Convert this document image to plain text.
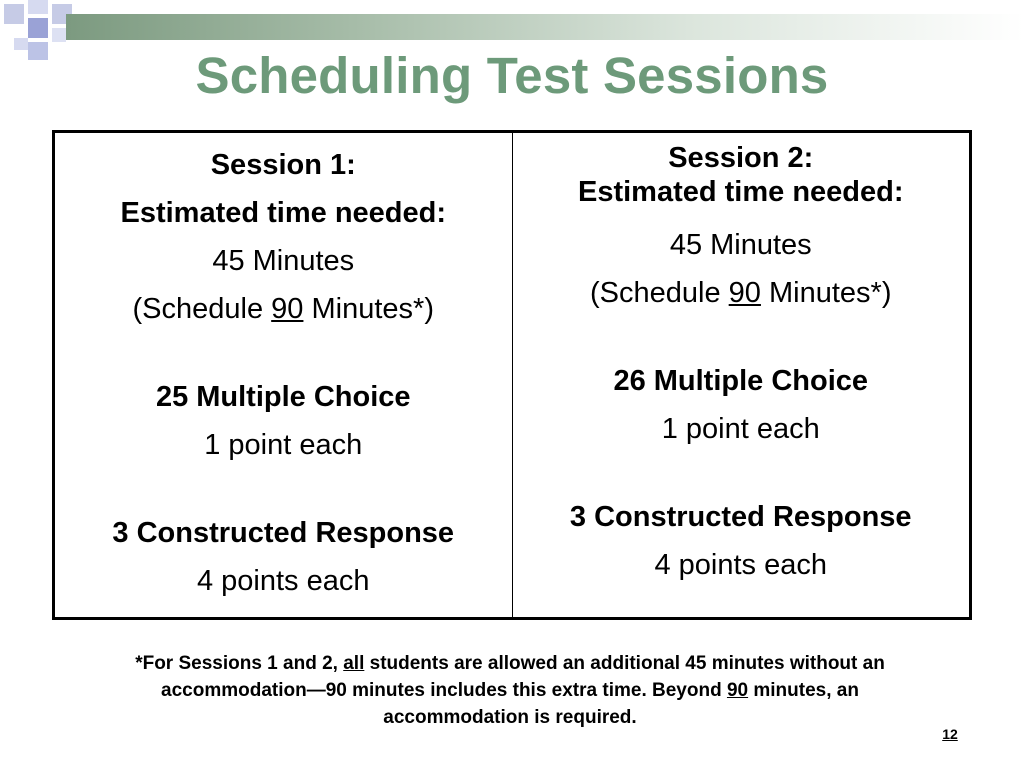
Scheduling Test Sessions
Session 1:
Estimated time needed:
45 Minutes
(Schedule 90 Minutes*)
25 Multiple Choice
1 point each
3 Constructed Response
4 points each
Session 2:
Estimated time needed:
45 Minutes
(Schedule 90 Minutes*)
26 Multiple Choice
1 point each
3 Constructed Response
4 points each
*For Sessions 1 and 2, all students are allowed an additional 45 minutes without an accommodation—90 minutes includes this extra time. Beyond 90 minutes, an accommodation is required.
12
